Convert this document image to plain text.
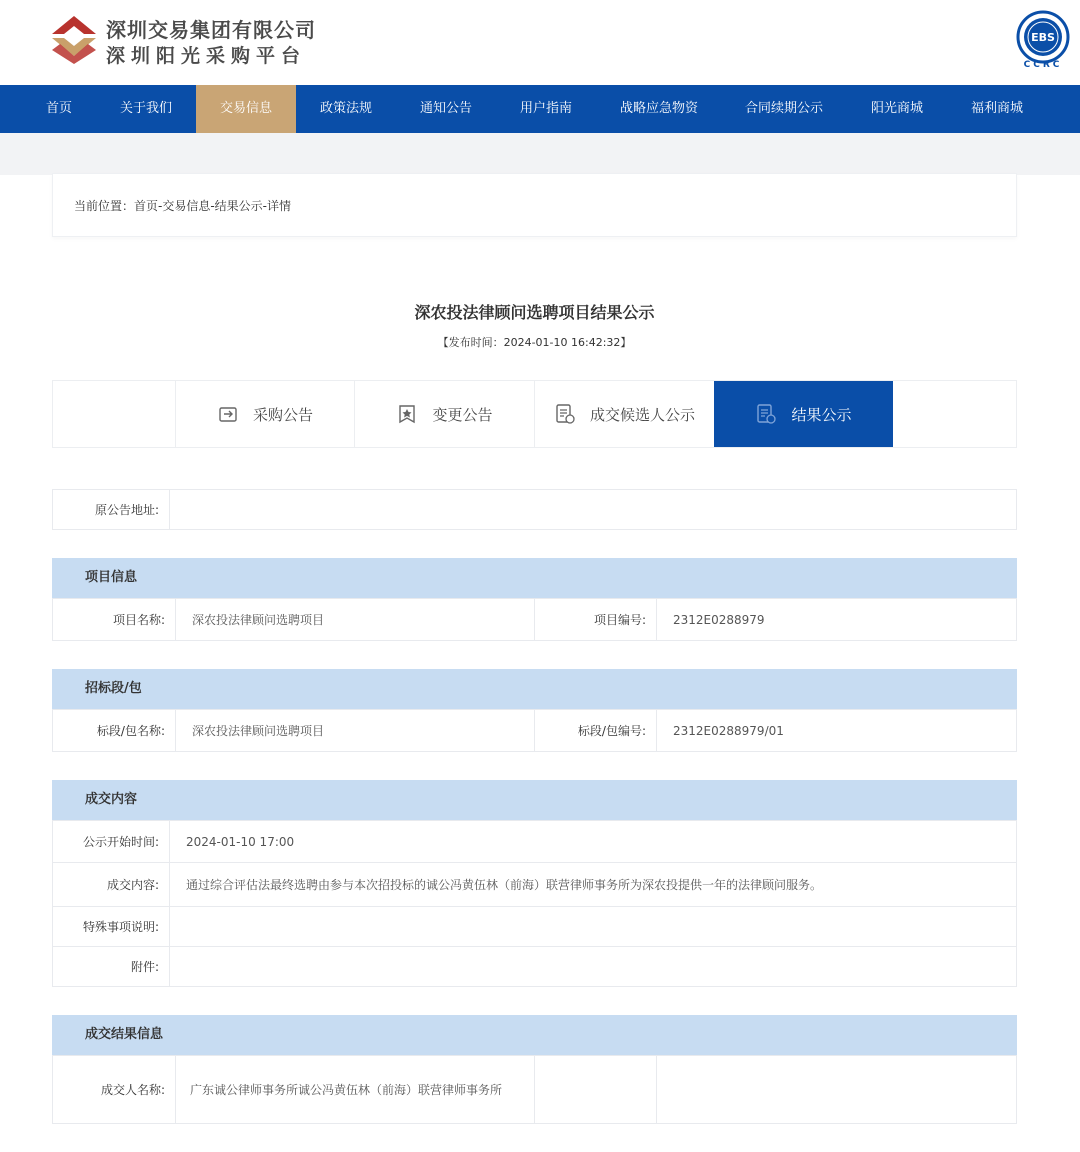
深圳交易集团有限公司
深圳阳光采购平台
EBS
CCRC
首页	关于我们	交易信息	政策法规	通知公告	用户指南	战略应急物资	合同续期公示	阳光商城	福利商城
当前位置：首页-交易信息-结果公示-详情
深农投法律顾问选聘项目结果公示
【发布时间：2024-01-10 16:42:32】
采购公告	变更公告	成交候选人公示	结果公示
原公告地址:
项目信息
项目名称:	深农投法律顾问选聘项目	项目编号:	2312E0288979
招标段/包
标段/包名称:	深农投法律顾问选聘项目	标段/包编号:	2312E0288979/01
成交内容
公示开始时间:	2024-01-10 17:00
成交内容:	通过综合评估法最终选聘由参与本次招投标的诚公冯黄伍林（前海）联营律师事务所为深农投提供一年的法律顾问服务。
特殊事项说明:
附件:
成交结果信息
成交人名称:	广东诚公律师事务所诚公冯黄伍林（前海）联营律师事务所
